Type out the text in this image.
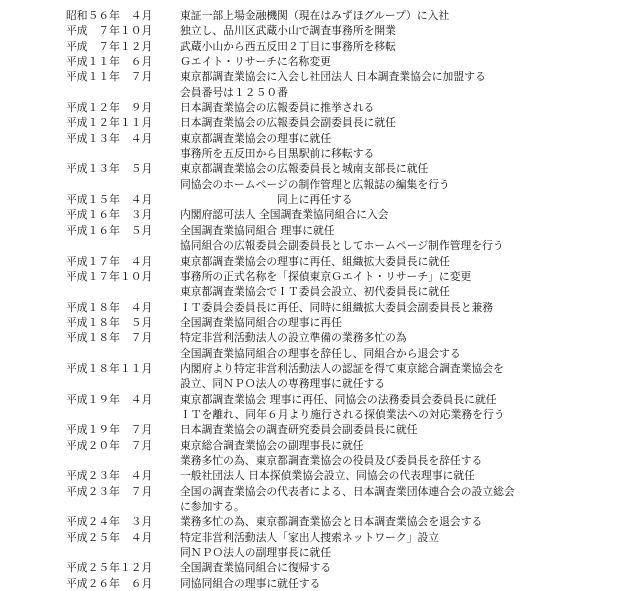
昭和５６年　４月	東証一部上場金融機関（現在はみずほグループ）に入社
平成　７年１０月	独立し、品川区武蔵小山で調査事務所を開業
平成　７年１２月	武蔵小山から西五反田２丁目に事務所を移転
平成１１年　６月	Ｇエイト・リサーチに名称変更
平成１１年　７月	東京都調査業協会に入会し社団法人 日本調査業協会に加盟する
会員番号は１２５０番
平成１２年　９月	日本調査業協会の広報委員に推挙される
平成１２年１１月	日本調査業協会の広報委員会副委員長に就任
平成１３年　４月	東京都調査業協会の理事に就任
事務所を五反田から目黒駅前に移転する
平成１３年　５月	東京都調査業協会の広報委員長と城南支部長に就任
同協会のホームページの制作管理と広報誌の編集を行う
平成１５年　４月	同上に再任する
平成１６年　３月	内閣府認可法人 全国調査業協同組合に入会
平成１６年　５月	全国調査業協同組合 理事に就任
協同組合の広報委員会副委員長としてホームページ制作管理を行う
平成１７年　４月	東京都調査業協会の理事に再任、組織拡大委員長に就任
平成１７年１０月	事務所の正式名称を「探偵東京Ｇエイト・リサーチ」に変更
東京都調査業協会でＩＴ委員会設立、初代委員長に就任
平成１８年　４月	ＩＴ委員会委員長に再任、同時に組織拡大委員会副委員長と兼務
平成１８年　５月	全国調査業協同組合の理事に再任
平成１８年　７月	特定非営利活動法人の設立準備の業務多忙の為
全国調査業協同組合の理事を辞任し、同組合から退会する
平成１８年１１月	内閣府より特定非営利活動法人の認証を得て東京総合調査業協会を
設立、同ＮＰＯ法人の専務理事に就任する
平成１９年　４月	東京都調査業協会 理事に再任、同協会の法務委員会委員長に就任
ＩＴを離れ、同年６月より施行される探偵業法への対応業務を行う
平成１９年　７月	日本調査業協会の調査研究委員会副委員長に就任
平成２０年　７月	東京総合調査業協会の副理事長に就任
業務多忙の為、東京都調査業協会の役員及び委員長を辞任する
平成２３年　４月	一般社団法人 日本探偵業協会設立、同協会の代表理事に就任
平成２３年　７月	全国の調査業協会の代表者による、日本調査業団体連合会の設立総会
に参加する。
平成２４年　３月	業務多忙の為、東京都調査業協会と日本調査業協会を退会する
平成２５年　４月	特定非営利活動法人「家出人捜索ネットワーク」設立
同ＮＰＯ法人の副理事長に就任
平成２５年１２月	全国調査業協同組合に復帰する
平成２６年　６月	同協同組合の理事に就任する
